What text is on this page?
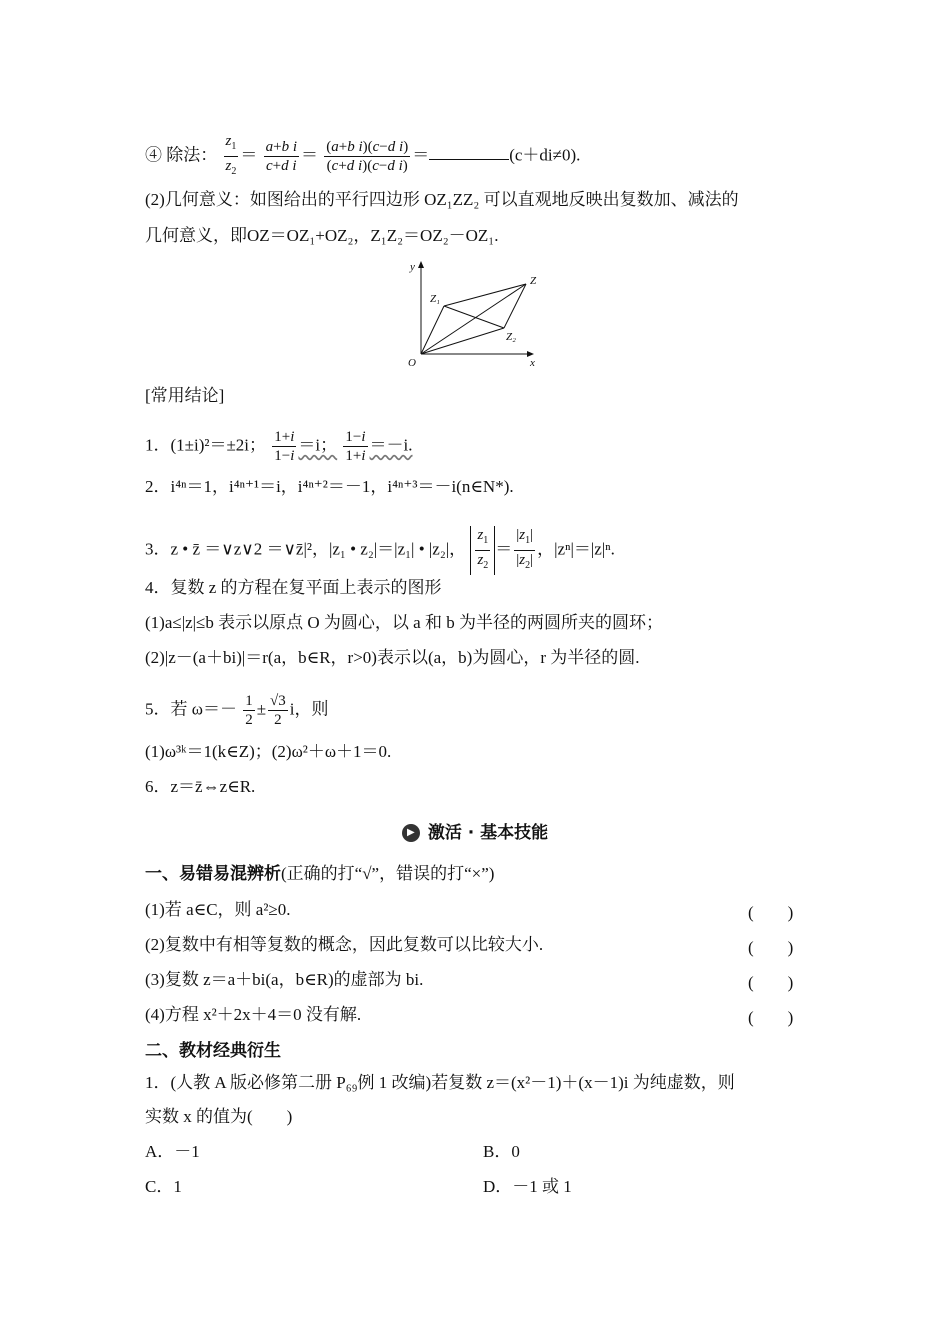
④ 除法： $\frac{z_1}{z_2} = \frac{\text{a+b i}}{\text{c+d i}} = \frac{\text{(a+b i)(c−d i)}}{\text{(c+d i)(c−d i)}}$ ＝	(c＋di≠0).
(2)几何意义：如图给出的平行四边形 OZ₁ZZ₂ 可以直观地反映出复数加、减法的
几何意义，即OZ＝OZ₁+OZ₂，Z₁Z₂＝OZ₂－OZ₁.
y
x
O
Z₁
Z
Z₂
[常用结论]
1．(1±i)²＝±2i； $\frac{1+i}{1-i} =i$； $\frac{1-i}{1+i} =-i$.
2．i⁴ⁿ＝1，i⁴ⁿ⁺¹＝i，i⁴ⁿ⁺²＝－1，i⁴ⁿ⁺³＝－i(n∈N*).
3．z • z̄ ＝∨z∨2 ＝∨z̄|²，|z₁ • z₂|＝|z₁| • |z₂|， $\frac{z_1}{z_2} = \frac{|z_1|}{|z_2|}$ ，|zⁿ|＝|z|ⁿ.
4．复数 z 的方程在复平面上表示的图形
(1)a≤|z|≤b 表示以原点 O 为圆心，以 a 和 b 为半径的两圆所夹的圆环；
(2)|z－(a＋bi)|＝r(a，b∈R，r>0)表示以(a，b)为圆心，r 为半径的圆.
5．若 $\omega=- \frac{1}{2} \pm \frac{√3}{2}$ i，则
(1)ω³ᵏ＝1(k∈Z)；(2)ω²＋ω＋1＝0.
6．z＝z̄⇔z∈R.
▶ 激活 · 基本技能
一、易错易混辨析(正确的打“√”，错误的打“×”)
(1)若 a∈C，则 a²≥0.	(　　)
(2)复数中有相等复数的概念，因此复数可以比较大小.	(　　)
(3)复数 z＝a＋bi(a，b∈R)的虚部为 bi.	(　　)
(4)方程 x²＋2x＋4＝0 没有解.	(　　)
二、教材经典衍生
1．(人教 A 版必修第二册 P₆₉例 1 改编)若复数 z＝(x²－1)＋(x－1)i 为纯虚数，则
实数 x 的值为(　　)
A．－1	B．0
C．1	D．－1 或 1
